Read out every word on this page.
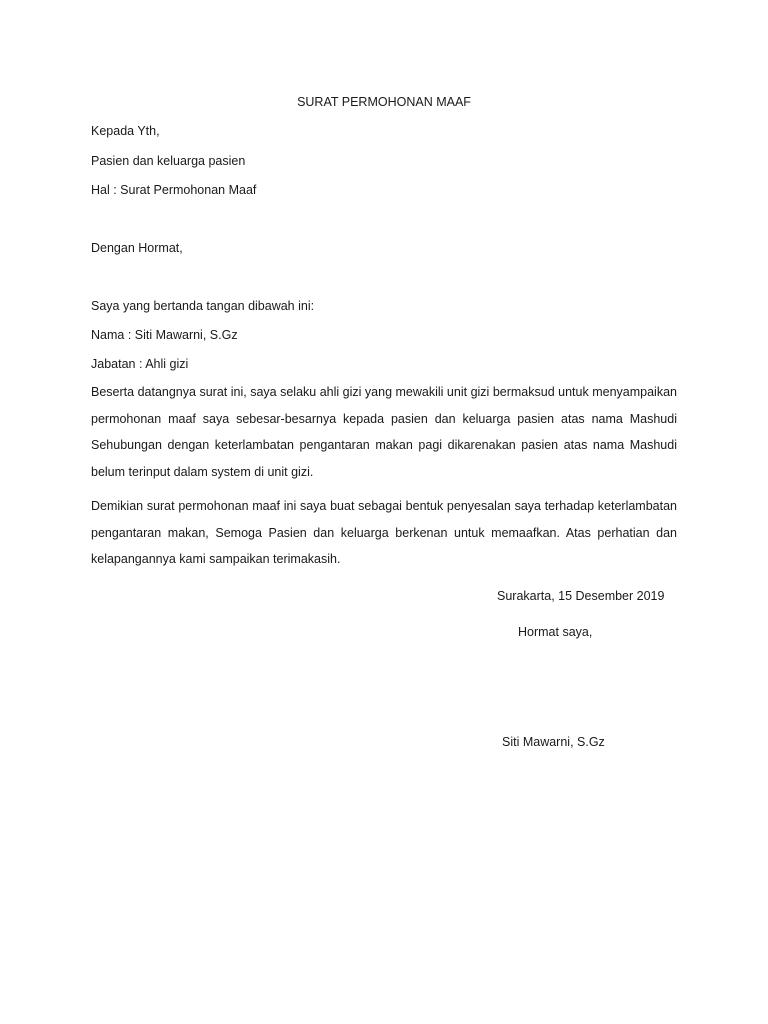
SURAT PERMOHONAN MAAF
Kepada Yth,
Pasien dan keluarga pasien
Hal : Surat Permohonan Maaf
Dengan Hormat,
Saya yang bertanda tangan dibawah ini:
Nama : Siti Mawarni, S.Gz
Jabatan : Ahli gizi
Beserta datangnya surat ini, saya selaku ahli gizi yang mewakili unit gizi bermaksud untuk menyampaikan permohonan maaf saya sebesar-besarnya kepada pasien dan keluarga pasien atas nama Mashudi Sehubungan dengan keterlambatan pengantaran makan pagi dikarenakan pasien atas nama Mashudi belum terinput dalam system di unit gizi.
Demikian surat permohonan maaf ini saya buat sebagai bentuk penyesalan saya terhadap keterlambatan pengantaran makan, Semoga Pasien dan keluarga berkenan untuk memaafkan. Atas perhatian dan kelapangannya kami sampaikan terimakasih.
Surakarta, 15 Desember 2019
Hormat saya,
Siti Mawarni, S.Gz
